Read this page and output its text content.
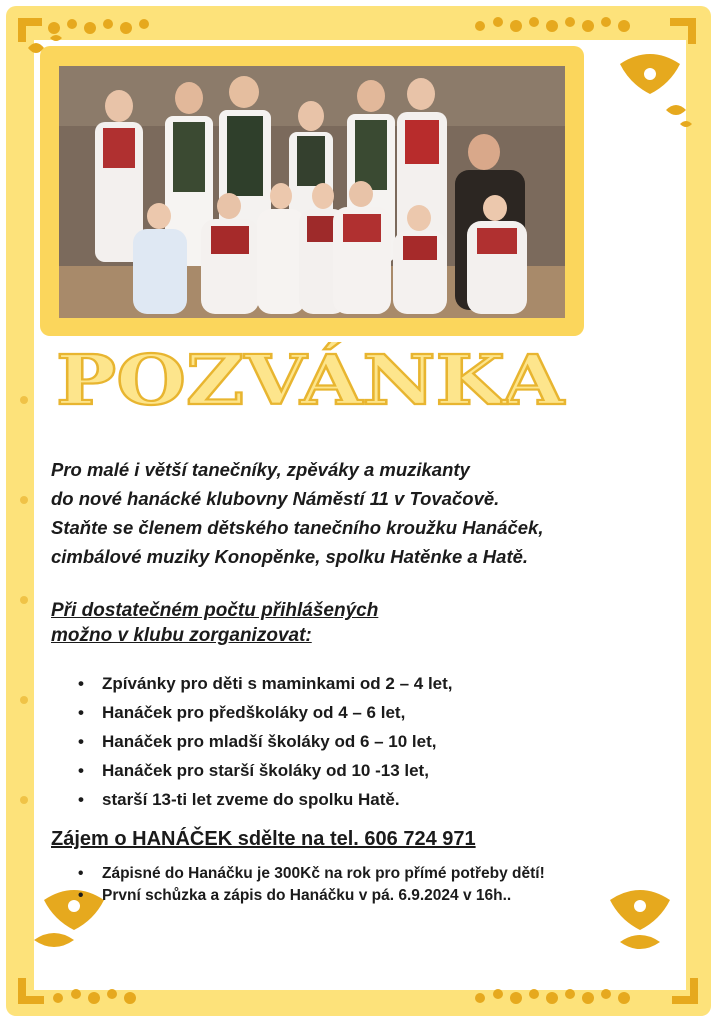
POZVÁNKA
Pro malé i větší tanečníky, zpěváky a muzikanty
do nové hanácké klubovny Náměstí 11 v Tovačově.
Staňte se členem dětského tanečního kroužku Hanáček,
cimbálové muziky Konopěnke, spolku Hatěnke a Hatě.
Při dostatečném počtu přihlášených
možno v klubu zorganizovat:
• Zpívánky pro děti s maminkami od 2 – 4 let,
• Hanáček pro předškoláky od 4 – 6 let,
• Hanáček pro mladší školáky od 6 – 10 let,
• Hanáček pro starší školáky od 10 -13 let,
• starší 13-ti let zveme do spolku Hatě.
Zájem o HANÁČEK sdělte na tel. 606 724 971
• Zápisné do Hanáčku je 300Kč na rok pro přímé potřeby dětí!
• První schůzka a zápis do Hanáčku v pá. 6.9.2024 v 16h..
